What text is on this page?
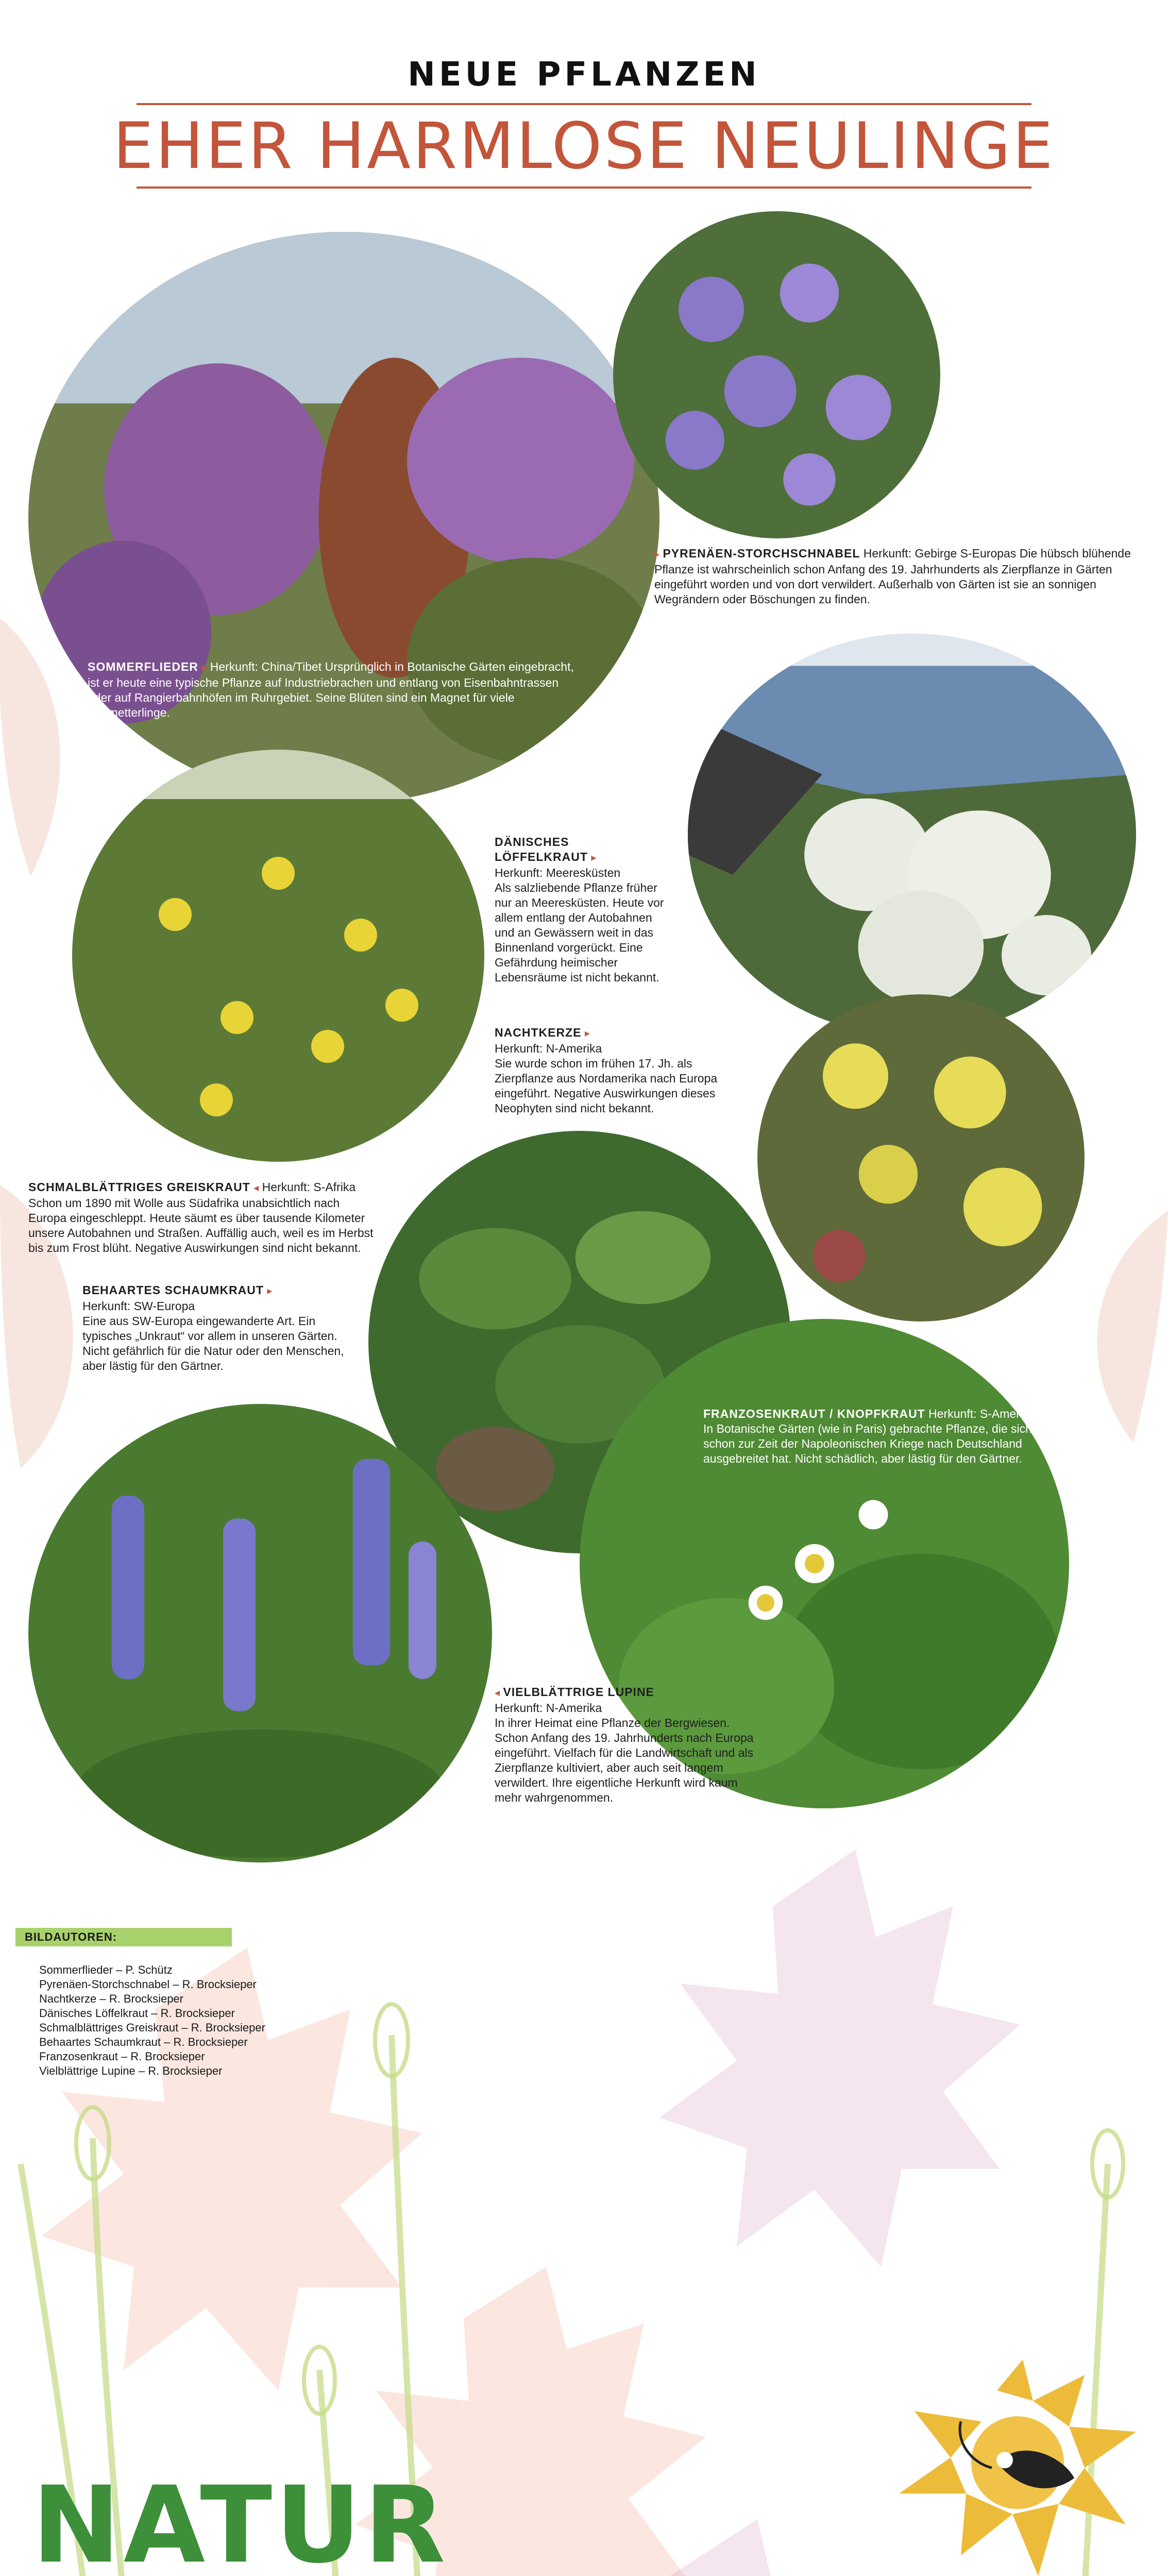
NEUE PFLANZEN
EHER HARMLOSE NEULINGE
SOMMERFLIEDER ▸ Herkunft: China/Tibet Ursprünglich in Botanische Gärten eingebracht, ist er heute eine typische Pflanze auf Industriebrachen und entlang von Eisenbahntrassen oder auf Rangierbahnhöfen im Ruhrgebiet. Seine Blüten sind ein Magnet für viele Schmetterlinge.
▸ PYRENÄEN-STORCHSCHNABEL Herkunft: Gebirge S-Europas Die hübsch blühende Pflanze ist wahrscheinlich schon Anfang des 19. Jahrhunderts als Zierpflanze in Gärten eingeführt worden und von dort verwildert. Außerhalb von Gärten ist sie an sonnigen Wegrändern oder Böschungen zu finden.
DÄNISCHES LÖFFELKRAUT ▸
Herkunft: Meeresküsten
Als salzliebende Pflanze früher nur an Meeresküsten. Heute vor allem entlang der Autobahnen und an Gewässern weit in das Binnenland vorgerückt. Eine Gefährdung heimischer Lebensräume ist nicht bekannt.
NACHTKERZE ▸
Herkunft: N-Amerika
Sie wurde schon im frühen 17. Jh. als Zierpflanze aus Nordamerika nach Europa eingeführt. Negative Auswirkungen dieses Neophyten sind nicht bekannt.
SCHMALBLÄTTRIGES GREISKRAUT ◂ Herkunft: S-Afrika
Schon um 1890 mit Wolle aus Südafrika unabsichtlich nach Europa eingeschleppt. Heute säumt es über tausende Kilometer unsere Autobahnen und Straßen. Auffällig auch, weil es im Herbst bis zum Frost blüht. Negative Auswirkungen sind nicht bekannt.
BEHAARTES SCHAUMKRAUT ▸
Herkunft: SW-Europa
Eine aus SW-Europa eingewanderte Art. Ein typisches „Unkraut“ vor allem in unseren Gärten. Nicht gefährlich für die Natur oder den Menschen, aber lästig für den Gärtner.
FRANZOSENKRAUT / KNOPFKRAUT Herkunft: S-Amerika
In Botanische Gärten (wie in Paris) gebrachte Pflanze, die sich schon zur Zeit der Napoleonischen Kriege nach Deutschland ausgebreitet hat. Nicht schädlich, aber lästig für den Gärtner.
◂ VIELBLÄTTRIGE LUPINE
Herkunft: N-Amerika
In ihrer Heimat eine Pflanze der Bergwiesen. Schon Anfang des 19. Jahrhunderts nach Europa eingeführt. Vielfach für die Landwirtschaft und als Zierpflanze kultiviert, aber auch seit langem verwildert. Ihre eigentliche Herkunft wird kaum mehr wahrgenommen.
BILDAUTOREN:
Sommerflieder – P. Schütz
Pyrenäen-Storchschnabel – R. Brocksieper
Nachtkerze – R. Brocksieper
Dänisches Löffelkraut – R. Brocksieper
Schmalblättriges Greiskraut – R. Brocksieper
Behaartes Schaumkraut – R. Brocksieper
Franzosenkraut – R. Brocksieper
Vielblättrige Lupine – R. Brocksieper
NATUR
